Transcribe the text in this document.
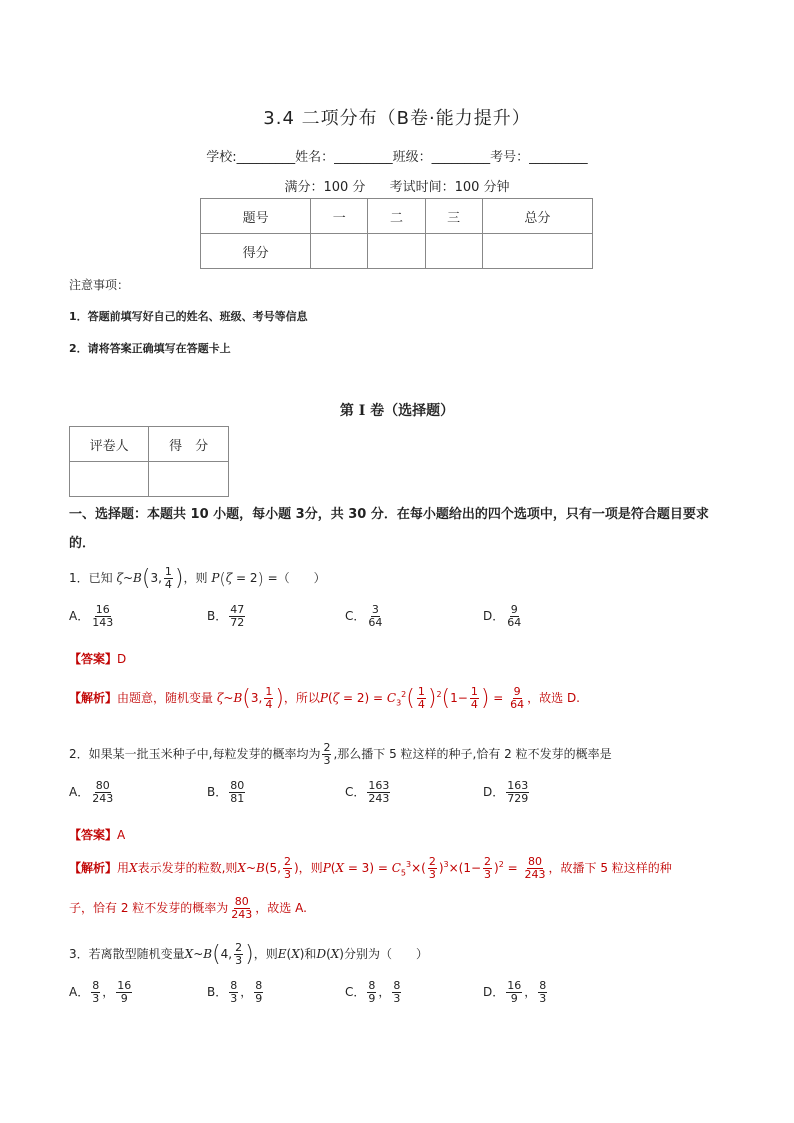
3.4 二项分布（B卷·能力提升）
学校:_________姓名：_________班级：_________考号：_________
满分：100 分 考试时间：100 分钟
题号	一	二	三	总分
得分				
注意事项：
1．答题前填写好自己的姓名、班级、考号等信息
2．请将答案正确填写在答题卡上
第 I 卷（选择题）
评卷人	得　分

一、选择题：本题共 10 小题，每小题 3分，共 30 分．在每小题给出的四个选项中，只有一项是符合题目要求的．
1．已知 ζ~B(3, $\frac{1}{4}$ )，则 P(ζ = 2) =（　　）
A． $\frac{16}{143}$	B． $\frac{47}{72}$	C． $\frac{3}{64}$	D． $\frac{9}{64}$
【答案】D
【解析】由题意，随机变量 ζ~B(3, $\frac{1}{4}$ )，所以$P(\zeta = 2) = C_3^2( \frac{1}{4} )^2(1- \frac{1}{4}$ ) = $\frac{9}{64}$ ，故选 D.
2．如果某一批玉米种子中,每粒发芽的概率均为 $\frac{2}{3}$ ,那么播下 5 粒这样的种子,恰有 2 粒不发芽的概率是
A． $\frac{80}{243}$	B． $\frac{80}{81}$	C． $\frac{163}{243}$	D． $\frac{163}{729}$
【答案】A
【解析】用X表示发芽的粒数,则X~B(5, $\frac{2}{3}$ )，则$P(X = 3) = C_5^3\times( \frac{2}{3} )^3\times(1- \frac{2}{3} )^2 = \frac{80}{243}$ ，故播下 5 粒这样的种
子，恰有 2 粒不发芽的概率为 $\frac{80}{243}$ ，故选 A.
3．若离散型随机变量X~B(4, $\frac{2}{3}$ )，则E(X)和D(X)分别为（　　）
A． $\frac{8}{3}$ ， $\frac{16}{9}$	B． $\frac{8}{3}$ ， $\frac{8}{9}$	C． $\frac{8}{9}$ ， $\frac{8}{3}$	D． $\frac{16}{9}$ ， $\frac{8}{3}$
